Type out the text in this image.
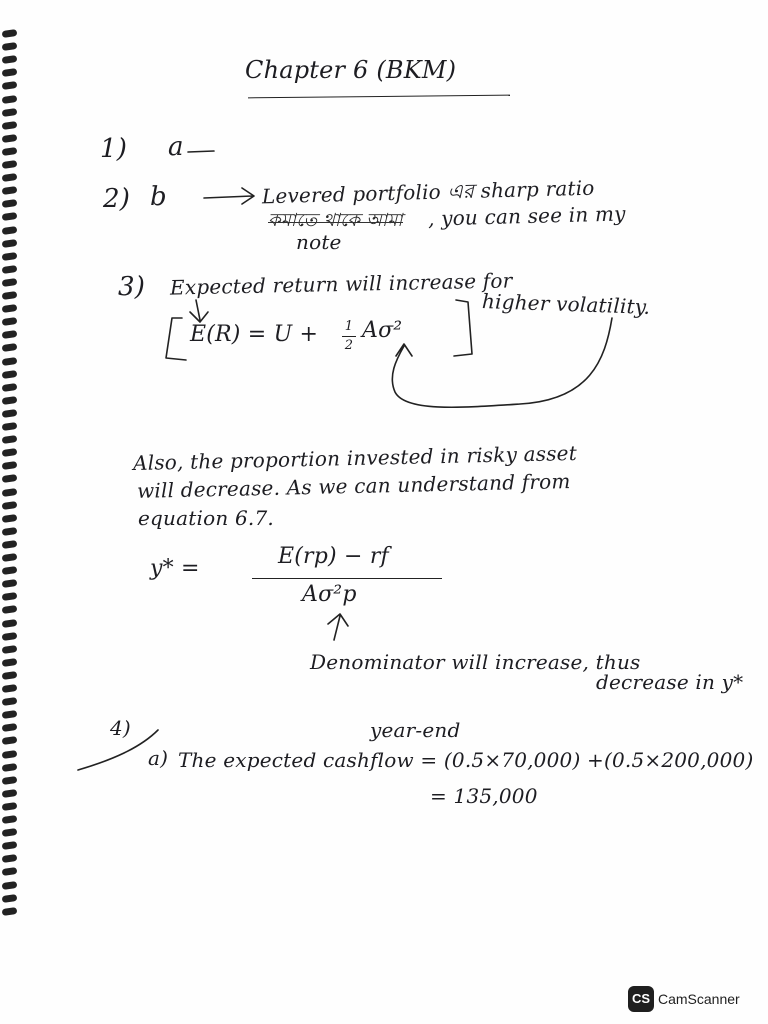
Chapter 6 (BKM)
1) a
2) b	Levered portfolio এর sharp ratio
কমাতে থাকে আমা , you can see in my
note
3) Expected return will increase for
higher volatility.
E(R) = U + 1
2
Aσ²
Also, the proportion invested in risky asset
will decrease. As we can understand from
equation 6.7.
y* =	E(rp) − rf
Aσ²p
Denominator will increase, thus
decrease in y*
4)	year-end
a) The expected cashflow = (0.5×70,000) +(0.5×200,000)
= 135,000
CS CamScanner
